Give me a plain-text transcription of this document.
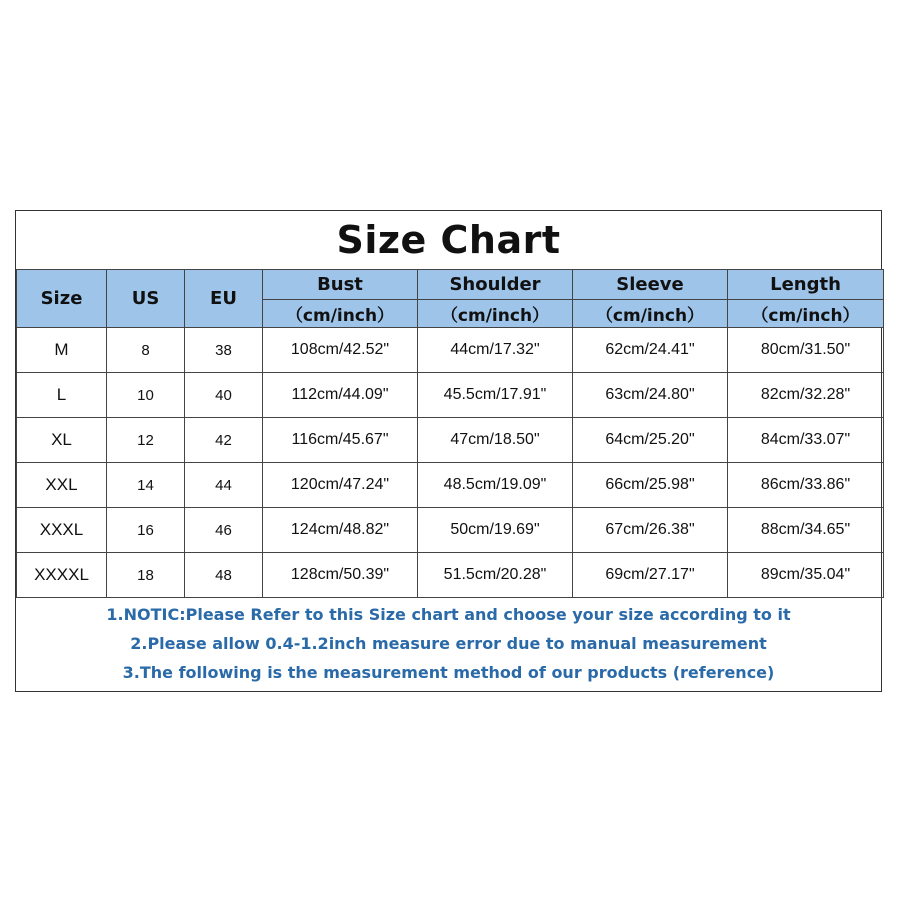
Size Chart
Size	US	EU	Bust	Shoulder	Sleeve	Length
			（cm/inch）	（cm/inch）	（cm/inch）	（cm/inch）
M	8	38	108cm/42.52"	44cm/17.32"	62cm/24.41"	80cm/31.50"
L	10	40	112cm/44.09"	45.5cm/17.91"	63cm/24.80"	82cm/32.28"
XL	12	42	116cm/45.67"	47cm/18.50"	64cm/25.20"	84cm/33.07"
XXL	14	44	120cm/47.24"	48.5cm/19.09"	66cm/25.98"	86cm/33.86"
XXXL	16	46	124cm/48.82"	50cm/19.69"	67cm/26.38"	88cm/34.65"
XXXXL	18	48	128cm/50.39"	51.5cm/20.28"	69cm/27.17"	89cm/35.04"
1.NOTIC:Please Refer to this Size chart and choose your size according to it
2.Please allow 0.4-1.2inch measure error due to manual measurement
3.The following is the measurement method of our products (reference)
